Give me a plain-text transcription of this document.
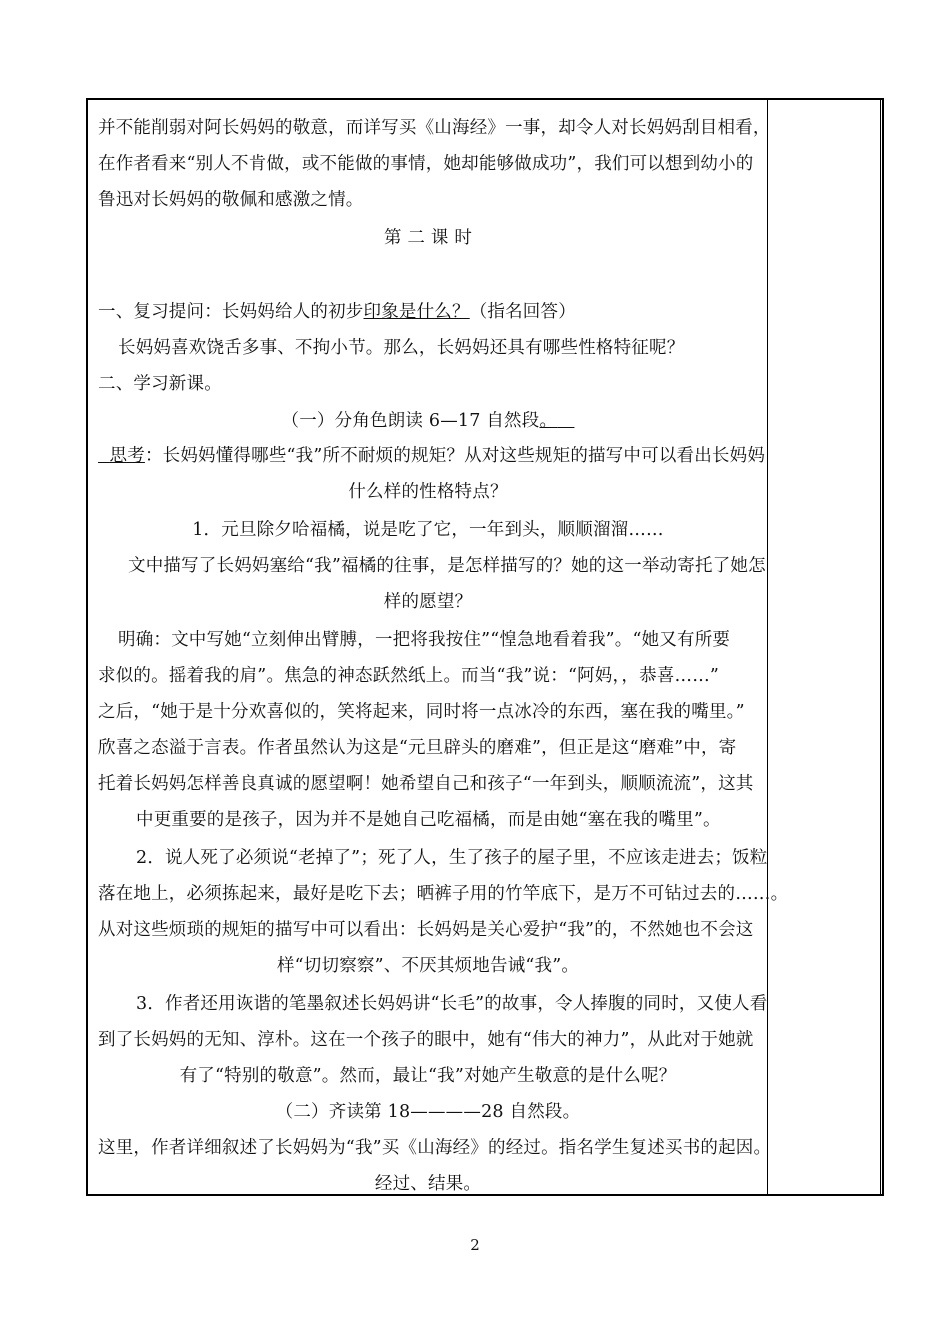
并不能削弱对阿长妈妈的敬意，而详写买《山海经》一事，却令人对长妈妈刮目相看，
在作者看来“别人不肯做，或不能做的事情，她却能够做成功”，我们可以想到幼小的
鲁迅对长妈妈的敬佩和感激之情。
第 二 课 时
一、复习提问：长妈妈给人的初步印象是什么？（指名回答）
长妈妈喜欢饶舌多事、不拘小节。那么，长妈妈还具有哪些性格特征呢？
二、学习新课。
（一）分角色朗读 6—17 自然段。
思考：长妈妈懂得哪些“我”所不耐烦的规矩？从对这些规矩的描写中可以看出长妈妈
什么样的性格特点？
1．元旦除夕哈福橘，说是吃了它，一年到头，顺顺溜溜……
文中描写了长妈妈塞给“我”福橘的往事，是怎样描写的？她的这一举动寄托了她怎
样的愿望？
明确：文中写她“立刻伸出臂膊，一把将我按住”“惶急地看着我”。“她又有所要
求似的。摇着我的肩”。焦急的神态跃然纸上。而当“我”说：“阿妈，，恭喜……”
之后，“她于是十分欢喜似的，笑将起来，同时将一点冰冷的东西，塞在我的嘴里。”
欣喜之态溢于言表。作者虽然认为这是“元旦辟头的磨难”，但正是这“磨难”中，寄
托着长妈妈怎样善良真诚的愿望啊！她希望自己和孩子“一年到头，顺顺流流”，这其
中更重要的是孩子，因为并不是她自己吃福橘，而是由她“塞在我的嘴里”。
2．说人死了必须说“老掉了”；死了人，生了孩子的屋子里，不应该走进去；饭粒
落在地上，必须拣起来，最好是吃下去；晒裤子用的竹竿底下，是万不可钻过去的……。
从对这些烦琐的规矩的描写中可以看出：长妈妈是关心爱护“我”的，不然她也不会这
样“切切察察”、不厌其烦地告诫“我”。
3．作者还用诙谐的笔墨叙述长妈妈讲“长毛”的故事，令人捧腹的同时，又使人看
到了长妈妈的无知、淳朴。这在一个孩子的眼中，她有“伟大的神力”，从此对于她就
有了“特别的敬意”。然而，最让“我”对她产生敬意的是什么呢？
（二）齐读第 18————28 自然段。
这里，作者详细叙述了长妈妈为“我”买《山海经》的经过。指名学生复述买书的起因。
经过、结果。
2
